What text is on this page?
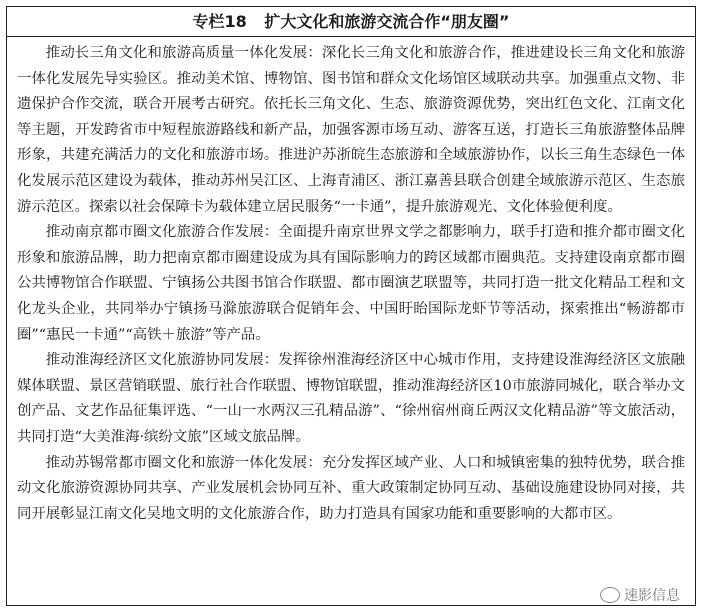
专栏18 扩大文化和旅游交流合作“朋友圈”

推动长三角文化和旅游高质量一体化发展：深化长三角文化和旅游合作，推进建设长三角文化和旅游一体化发展先导实验区。推动美术馆、博物馆、图书馆和群众文化场馆区域联动共享。加强重点文物、非遗保护合作交流，联合开展考古研究。依托长三角文化、生态、旅游资源优势，突出红色文化、江南文化等主题，开发跨省市中短程旅游路线和新产品，加强客源市场互动、游客互送，打造长三角旅游整体品牌形象，共建充满活力的文化和旅游市场。推进沪苏浙皖生态旅游和全域旅游协作，以长三角生态绿色一体化发展示范区建设为载体，推动苏州吴江区、上海青浦区、浙江嘉善县联合创建全域旅游示范区、生态旅游示范区。探索以社会保障卡为载体建立居民服务“一卡通”，提升旅游观光、文化体验便利度。

推动南京都市圈文化旅游合作发展：全面提升南京世界文学之都影响力，联手打造和推介都市圈文化形象和旅游品牌，助力把南京都市圈建设成为具有国际影响力的跨区域都市圈典范。支持建设南京都市圈公共博物馆合作联盟、宁镇扬公共图书馆合作联盟、都市圈演艺联盟等，共同打造一批文化精品工程和文化龙头企业，共同举办宁镇扬马滁旅游联合促销年会、中国盱眙国际龙虾节等活动，探索推出“畅游都市圈”“惠民一卡通”“高铁＋旅游”等产品。

推动淮海经济区文化旅游协同发展：发挥徐州淮海经济区中心城市作用，支持建设淮海经济区文旅融媒体联盟、景区营销联盟、旅行社合作联盟、博物馆联盟，推动淮海经济区10市旅游同城化，联合举办文创产品、文艺作品征集评选、“一山一水两汉三孔精品游”、“徐州宿州商丘两汉文化精品游”等文旅活动，共同打造“大美淮海·缤纷文旅”区域文旅品牌。

推动苏锡常都市圈文化和旅游一体化发展：充分发挥区域产业、人口和城镇密集的独特优势，联合推动文化旅游资源协同共享、产业发展机会协同互补、重大政策制定协同互动、基础设施建设协同对接，共同开展彰显江南文化吴地文明的文化旅游合作，助力打造具有国家功能和重要影响的大都市区。

速影信息
